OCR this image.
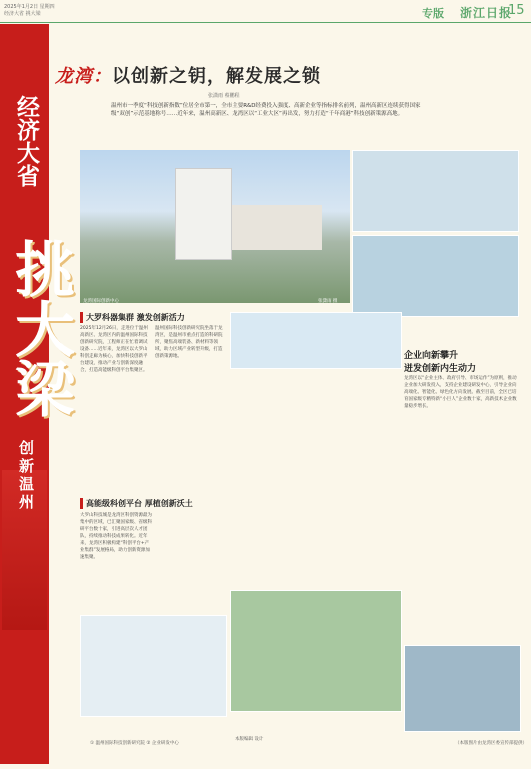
2025年1月2日 星期四
经济大省 挑大梁	专版 浙江日报
15
经济大省
挑大梁
创新温州
龙湾：以创新之钥，解发展之锁
张潇雨 蔡鹏程
温州市一季度“科技创新指数”位居全市第一，全市主要R&D经费投入强度、高新企业等指标排名前列，温州高新区连续获得国家级“双创”示范基地称号……近年来，温州高新区、龙湾区以“工业大区”再出发，努力打造“千年商港”科技创新策源高地。
龙湾国际创新中心	张潇雨 摄
大罗科器集群 激发创新活力
2025年12月26日，走进位于温州高新区、龙湾区内的温州国际科技创新研究院，工程师正在忙着调试设备……近年来，龙湾区以大罗山科创走廊为核心，加快科技创新平台建设，推动产业与创新深度融合，打造高能级科创平台集聚区。
温州国际科技创新研究院坐落于龙湾区，是温州市重点打造的科研院所，聚焦高端装备、新材料等领域，助力区域产业转型升级，打造创新策源地。
高能级科创平台 厚植创新沃土
大罗山科技城是龙湾区科创资源最为集中的区域，已汇聚国家级、省级科研平台数十家，引进高层次人才团队，持续推动科技成果转化。近年来，龙湾区积极构建“科创平台+产业集群”发展格局，助力创新资源加速集聚。
企业向新攀升
迸发创新内生动力
龙湾区以“企业主体、政府引导、市场运作”为原则，推动企业加大研发投入，支持企业建设研发中心，引导企业向高端化、智能化、绿色化方向发展。截至目前，全区已培育国家级专精特新“小巨人”企业数十家，高新技术企业数量稳步增长。
① 温州国际科技创新研究院 ② 企业研发中心
本版编辑 设计
（本版图片由龙湾区委宣传部提供）
